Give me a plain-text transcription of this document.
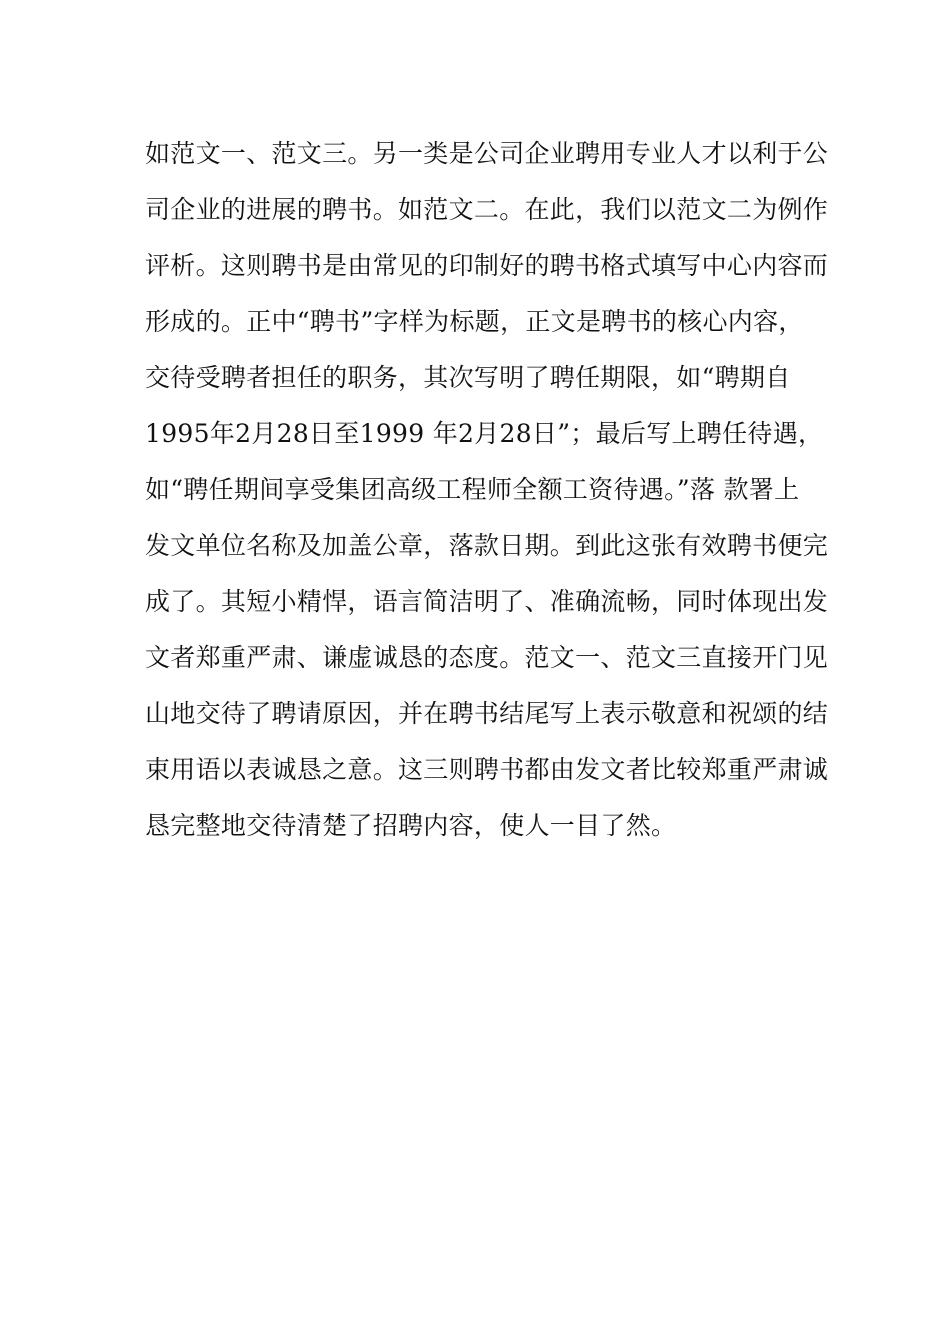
如范文一、范文三。另一类是公司企业聘用专业人才以利于公
司企业的进展的聘书。如范文二。在此，我们以范文二为例作
评析。这则聘书是由常见的印制好的聘书格式填写中心内容而
形成的。正中“聘书”字样为标题，正文是聘书的核心内容，
交待受聘者担任的职务，其次写明了聘任期限，如“聘期自
1995年2月28日至1999 年2月28日”；最后写上聘任待遇，
如“聘任期间享受集团高级工程师全额工资待遇。”落 款署上
发文单位名称及加盖公章，落款日期。到此这张有效聘书便完
成了。其短小精悍，语言简洁明了、准确流畅，同时体现出发
文者郑重严肃、谦虚诚恳的态度。范文一、范文三直接开门见
山地交待了聘请原因，并在聘书结尾写上表示敬意和祝颂的结
束用语以表诚恳之意。这三则聘书都由发文者比较郑重严肃诚
恳完整地交待清楚了招聘内容，使人一目了然。
